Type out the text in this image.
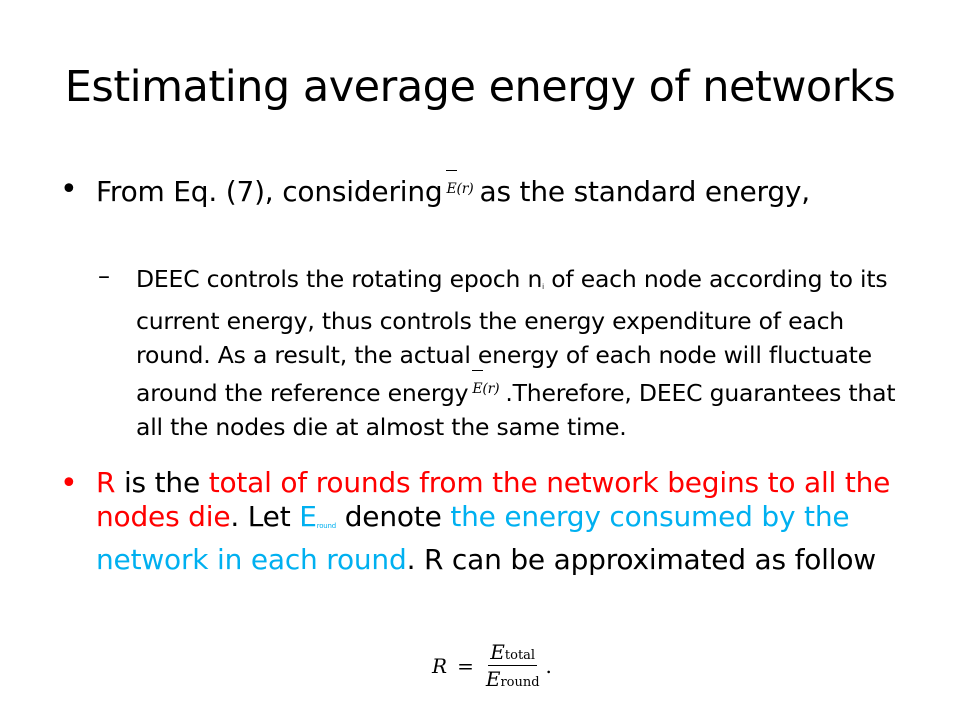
Estimating average energy of networks
• From Eq. (7), considering E(r) as the standard energy,
– DEEC controls the rotating epoch ni of each node according to its current energy, thus controls the energy expenditure of each round. As a result, the actual energy of each node will fluctuate around the reference energy E(r) .Therefore, DEEC guarantees that all the nodes die at almost the same time.
• R is the total of rounds from the network begins to all the nodes die. Let Eround denote the energy consumed by the network in each round. R can be approximated as follow
$R = \frac{\text{Etotal}}{\text{Eround}}$ .
